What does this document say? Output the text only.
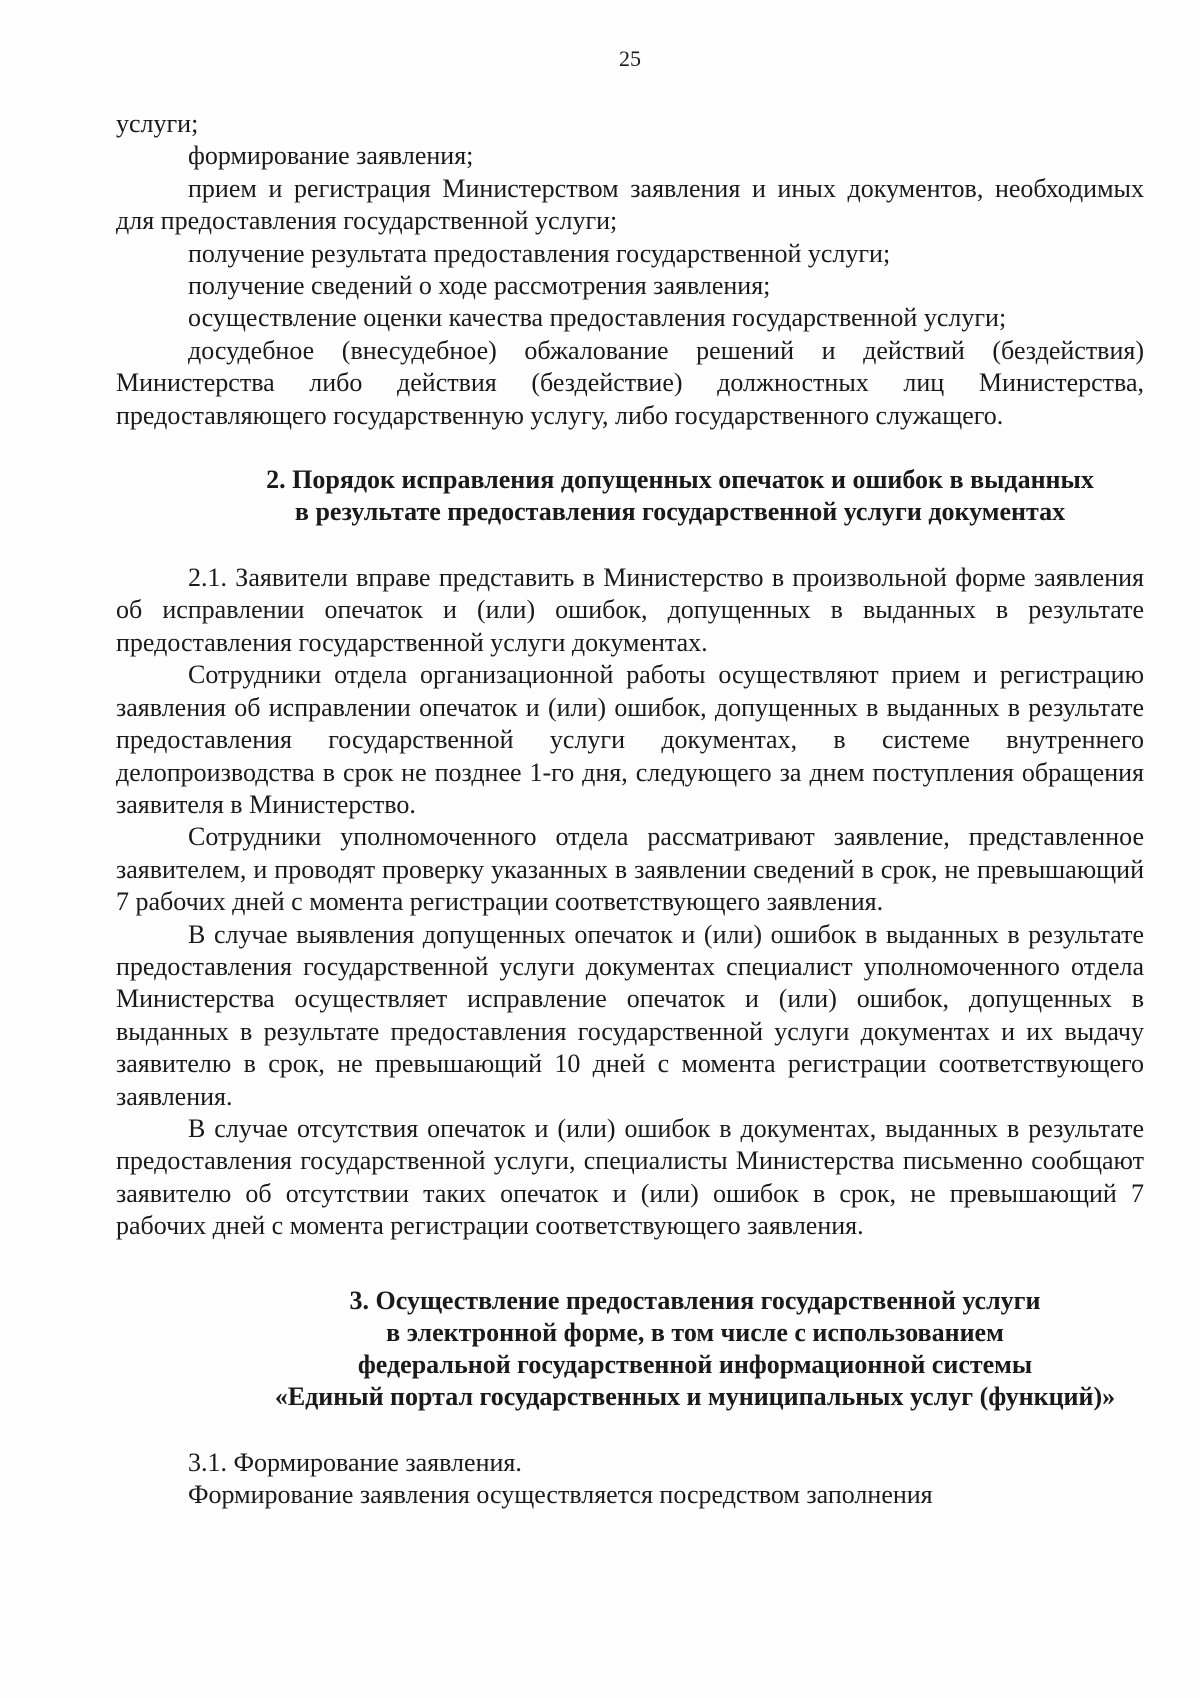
25

услуги;

формирование заявления;

прием и регистрация Министерством заявления и иных документов, необходимых для предоставления государственной услуги;

получение результата предоставления государственной услуги;

получение сведений о ходе рассмотрения заявления;

осуществление оценки качества предоставления государственной услуги;

досудебное (внесудебное) обжалование решений и действий (бездействия) Министерства либо действия (бездействие) должностных лиц Министерства, предоставляющего государственную услугу, либо государственного служащего.

2. Порядок исправления допущенных опечаток и ошибок в выданных
в результате предоставления государственной услуги документах

2.1. Заявители вправе представить в Министерство в произвольной форме заявления об исправлении опечаток и (или) ошибок, допущенных в выданных в результате предоставления государственной услуги документах.

Сотрудники отдела организационной работы осуществляют прием и регистрацию заявления об исправлении опечаток и (или) ошибок, допущенных в выданных в результате предоставления государственной услуги документах, в системе внутреннего делопроизводства в срок не позднее 1-го дня, следующего за днем поступления обращения заявителя в Министерство.

Сотрудники уполномоченного отдела рассматривают заявление, представленное заявителем, и проводят проверку указанных в заявлении сведений в срок, не превышающий 7 рабочих дней с момента регистрации соответствующего заявления.

В случае выявления допущенных опечаток и (или) ошибок в выданных в результате предоставления государственной услуги документах специалист уполномоченного отдела Министерства осуществляет исправление опечаток и (или) ошибок, допущенных в выданных в результате предоставления государственной услуги документах и их выдачу заявителю в срок, не превышающий 10 дней с момента регистрации соответствующего заявления.

В случае отсутствия опечаток и (или) ошибок в документах, выданных в результате предоставления государственной услуги, специалисты Министерства письменно сообщают заявителю об отсутствии таких опечаток и (или) ошибок в срок, не превышающий 7 рабочих дней с момента регистрации соответствующего заявления.

3. Осуществление предоставления государственной услуги
в электронной форме, в том числе с использованием
федеральной государственной информационной системы
«Единый портал государственных и муниципальных услуг (функций)»

3.1. Формирование заявления.

Формирование заявления осуществляется посредством заполнения
